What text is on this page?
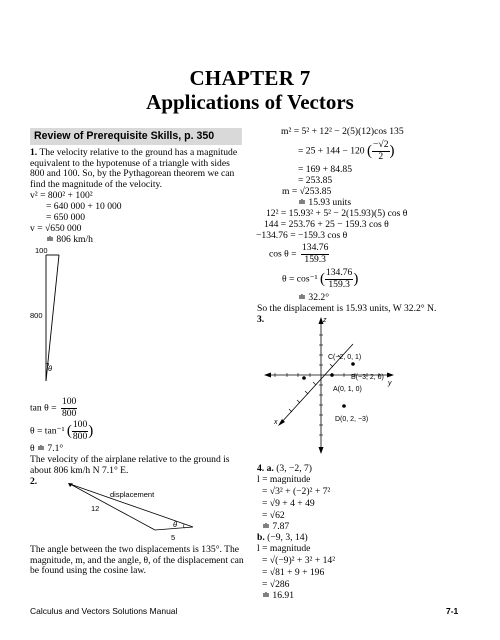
CHAPTER 7
Applications of Vectors
Review of Prerequisite Skills, p. 350
1. The velocity relative to the ground has a magnitude equivalent to the hypotenuse of a triangle with sides 800 and 100. So, by the Pythagorean theorem we can find the magnitude of the velocity.
v² = 800² + 100²
= 640 000 + 10 000
= 650 000
v = √650 000
≐ 806 km/h
100
800
θ
$\tan \theta = \frac{100}{800}$
θ = tan⁻¹ ( $\frac{100}{800}$ )
θ ≐ 7.1°
The velocity of the airplane relative to the ground is about 806 km/h N 7.1° E.
2.
12
displacement
5
θ
The angle between the two displacements is 135°. The magnitude, m, and the angle, θ, of the displacement can be found using the cosine law.
m² = 5² + 12² − 2(5)(12)cos 135
= 25 + 144 − 120 ( $\frac{-√2}{2}$ )
= 169 + 84.85
= 253.85
m = √253.85
≐ 15.93 units
12² = 15.93² + 5² − 2(15.93)(5) cos θ
144 = 253.76 + 25 − 159.3 cos θ
−134.76 = −159.3 cos θ
$\cos \theta = \frac{134.76}{159.3}$
θ = cos⁻¹ ( $\frac{134.76}{159.3}$ )
≐ 32.2°
So the displacement is 15.93 units, W 32.2° N.
3.	z
x
y
C(−2, 0, 1)
B(−3, 2, 0)
A(0, 1, 0)
D(0, 2, −3)
4. a. (3, −2, 7)
l = magnitude
= √3² + (−2)² + 7²
= √9 + 4 + 49
= √62
≐ 7.87
b. (−9, 3, 14)
l = magnitude
= √(−9)² + 3² + 14²
= √81 + 9 + 196
= √286
≐ 16.91
Calculus and Vectors Solutions Manual	7-1
